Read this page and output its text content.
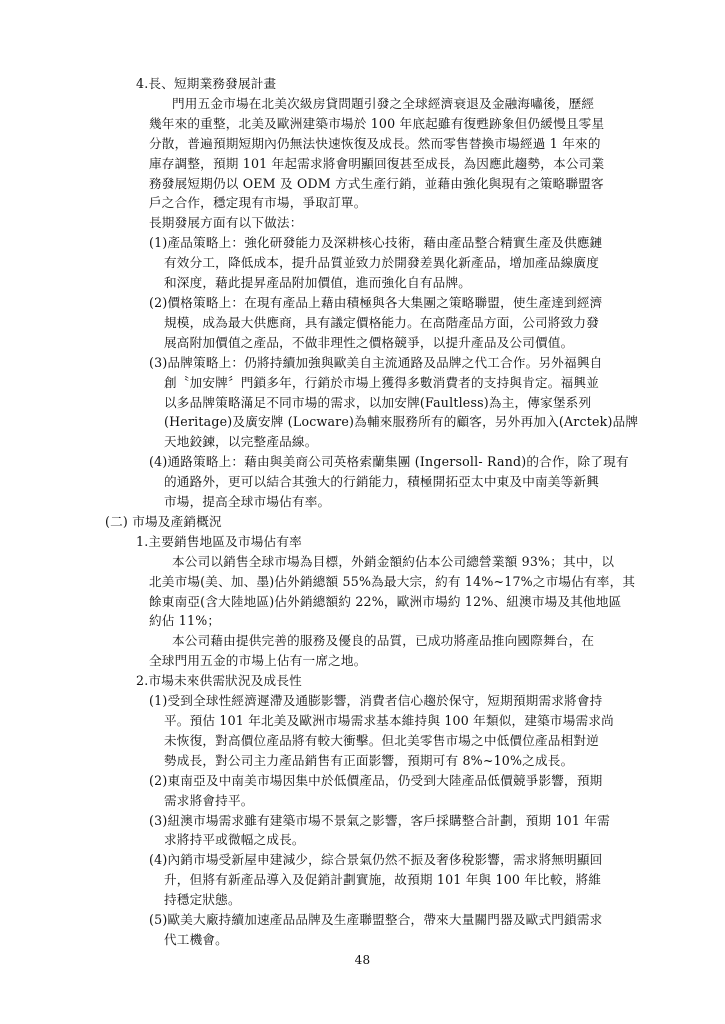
4.長、短期業務發展計畫
門用五金市場在北美次級房貸問題引發之全球經濟衰退及金融海嘯後，歷經
幾年來的重整，北美及歐洲建築市場於 100 年底起雖有復甦跡象但仍緩慢且零星
分散，普遍預期短期內仍無法快速恢復及成長。然而零售替換市場經過 1 年來的
庫存調整，預期 101 年起需求將會明顯回復甚至成長，為因應此趨勢，本公司業
務發展短期仍以 OEM 及 ODM 方式生產行銷，並藉由強化與現有之策略聯盟客
戶之合作，穩定現有市場，爭取訂單。
長期發展方面有以下做法：
(1)產品策略上：強化研發能力及深耕核心技術，藉由產品整合精實生產及供應鏈
有效分工，降低成本，提升品質並致力於開發差異化新產品，增加產品線廣度
和深度，藉此提昇產品附加價值，進而強化自有品牌。
(2)價格策略上：在現有產品上藉由積極與各大集團之策略聯盟，使生產達到經濟
規模，成為最大供應商，具有議定價格能力。在高階產品方面，公司將致力發
展高附加價值之產品，不做非理性之價格競爭，以提升產品及公司價值。
(3)品牌策略上：仍將持續加強與歐美自主流通路及品牌之代工合作。另外福興自
創〝加安牌〞門鎖多年，行銷於市場上獲得多數消費者的支持與肯定。福興並
以多品牌策略滿足不同市場的需求，以加安牌(Faultless)為主，傳家堡系列
(Heritage)及廣安牌 (Locware)為輔來服務所有的顧客，另外再加入(Arctek)品牌
天地鉸鍊，以完整產品線。
(4)通路策略上：藉由與美商公司英格索蘭集團 (Ingersoll- Rand)的合作，除了現有
的通路外，更可以結合其強大的行銷能力，積極開拓亞太中東及中南美等新興
市場，提高全球市場佔有率。
(二) 市場及產銷概況
1.主要銷售地區及市場佔有率
本公司以銷售全球市場為目標，外銷金額約佔本公司總營業額 93%；其中，以
北美市場(美、加、墨)佔外銷總額 55%為最大宗，約有 14%~17%之市場佔有率，其
餘東南亞(含大陸地區)佔外銷總額約 22%，歐洲市場約 12%、紐澳市場及其他地區
約佔 11%；
本公司藉由提供完善的服務及優良的品質，已成功將產品推向國際舞台，在
全球門用五金的市場上佔有一席之地。
2.市場未來供需狀況及成長性
(1)受到全球性經濟遲滯及通膨影響，消費者信心趨於保守，短期預期需求將會持
平。預估 101 年北美及歐洲市場需求基本維持與 100 年類似，建築市場需求尚
未恢復，對高價位產品將有較大衝擊。但北美零售市場之中低價位產品相對逆
勢成長，對公司主力產品銷售有正面影響，預期可有 8%~10%之成長。
(2)東南亞及中南美市場因集中於低價產品，仍受到大陸產品低價競爭影響，預期
需求將會持平。
(3)紐澳市場需求雖有建築市場不景氣之影響，客戶採購整合計劃，預期 101 年需
求將持平或微幅之成長。
(4)內銷市場受新屋申建減少，綜合景氣仍然不振及奢侈稅影響，需求將無明顯回
升，但將有新產品導入及促銷計劃實施，故預期 101 年與 100 年比較，將維
持穩定狀態。
(5)歐美大廠持續加速產品品牌及生產聯盟整合，帶來大量關門器及歐式門鎖需求
代工機會。
48
